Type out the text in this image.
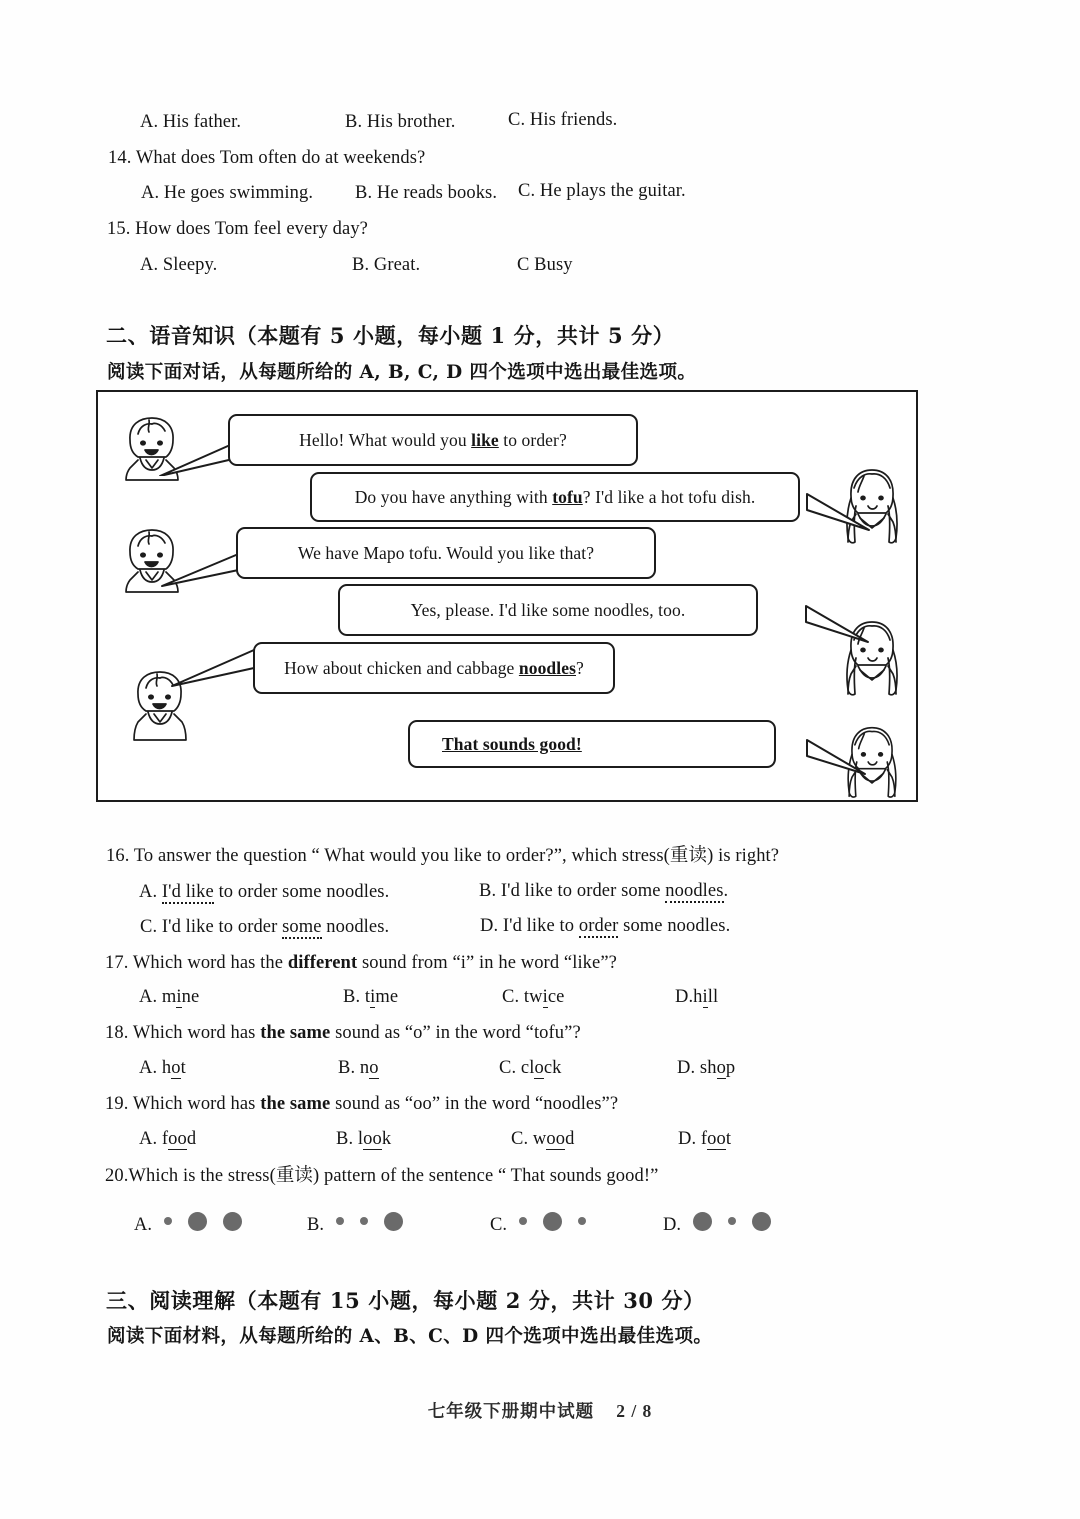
A. His father.	B. His brother.	C. His friends.
14. What does Tom often do at weekends?
A. He goes swimming. B. He reads books. C. He plays the guitar.
15. How does Tom feel every day?
A. Sleepy.	B. Great.	C Busy
二、语音知识（本题有 5 小题，每小题 1 分，共计 5 分）
阅读下面对话，从每题所给的 A, B, C, D 四个选项中选出最佳选项。
Hello! What would you like to order?
Do you have anything with tofu? I'd like a hot tofu dish.
We have Mapo tofu. Would you like that?
Yes, please. I'd like some noodles, too.
How about chicken and cabbage noodles?
That sounds good!
16. To answer the question “ What would you like to order?”, which stress(重读) is right?
A. I'd like to order some noodles.	B. I'd like to order some noodles.
C. I'd like to order some noodles.	D. I'd like to order some noodles.
17. Which word has the different sound from “i” in he word “like”?
A. mine	B. time	C. twice	D.hill
18. Which word has the same sound as “o” in the word “tofu”?
A. hot	B. no	C. clock	D. shop
19. Which word has the same sound as “oo” in the word “noodles”?
A. food	B. look	C. wood	D. foot
20.Which is the stress(重读) pattern of the sentence “ That sounds good!”
A.	B.	C.	D.
三、阅读理解（本题有 15 小题，每小题 2 分，共计 30 分）
阅读下面材料，从每题所给的 A、B、C、D 四个选项中选出最佳选项。
七年级下册期中试题 2 / 8
